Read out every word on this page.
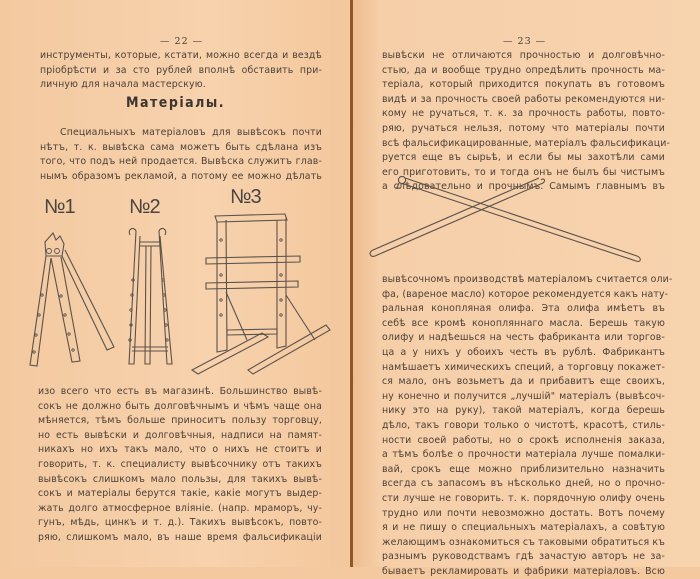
— 22 —
инструменты, которые, кстати, можно всегда и вездѣ
пріобрѣсти и за сто рублей вполнѣ обставить при-
личную для начала мастерскую.
Матеріалы.
Специальныхъ матеріаловъ для вывѣсокъ почти
нѣтъ, т. к. вывѣска сама можетъ быть сдѣлана изъ
того, что подъ ней продается. Вывѣска служитъ глав-
нымъ образомъ рекламой, а потому ее можно дѣлать
№1	№2	№3
изо всего что есть въ магазинѣ. Большинство вывѣ-
сокъ не должно быть долговѣчнымъ и чѣмъ чаще она
мѣняется, тѣмъ больше приноситъ пользу торговцу,
но есть вывѣски и долговѣчныя, надписи на памят-
никахъ но ихъ такъ мало, что о нихъ не стоитъ и
говорить, т. к. специалисту вывѣсочнику отъ такихъ
вывѣсокъ слишкомъ мало пользы, для такихъ вывѣ-
сокъ и матеріалы берутся такіе, какіе могутъ выдер-
жать долго атмосферное вліяніе. (напр. мраморъ, чу-
гунъ, мѣдь, цинкъ и т. д.). Такихъ вывѣсокъ, повто-
ряю, слишкомъ мало, въ наше время фальсификаціи
— 23 —
вывѣски не отличаются прочностью и долговѣчно-
стью, да и вообще трудно опредѣлить прочность ма-
теріала, который приходится покупать въ готовомъ
видѣ и за прочность своей работы рекомендуются ни-
кому не ручаться, т. к. за прочность работы, повто-
ряю, ручаться нельзя, потому что матеріалы почти
всѣ фальсификацированные, матеріалъ фальсификаци-
руется еще въ сырьѣ, и если бы мы захотѣли сами
его приготовить, то и тогда онъ не былъ бы чистымъ
а слѣдовательно и прочнымъ. Самымъ главнымъ въ
вывѣсочномъ производствѣ матеріаломъ считается оли-
фа, (вареное масло) которое рекомендуется какъ нату-
ральная конопляная олифа. Эта олифа имѣетъ въ
себѣ все кромѣ конопляннаго масла. Берешь такую
олифу и надѣешься на честь фабриканта или торгов-
ца а у нихъ у обоихъ честь въ рублѣ. Фабрикантъ
намѣшаетъ химическихъ специй, а торговцу покажет-
ся мало, онъ возьметъ да и прибавитъ еще своихъ,
ну конечно и получится „лучшій" матеріалъ (вывѣсоч-
нику это на руку), такой матеріалъ, когда берешь
дѣло, такъ говори только о чистотѣ, красотѣ, стиль-
ности своей работы, но о срокѣ исполненія заказа,
а тѣмъ болѣе о прочности матеріала лучше помалки-
вай, срокъ еще можно приблизительно назначить
всегда съ запасомъ въ нѣсколько дней, но о прочно-
сти лучше не говорить. т. к. порядочную олифу очень
трудно или почти невозможно достать. Вотъ почему
я и не пишу о специальныхъ матеріалахъ, а совѣтую
желающимъ ознакомиться съ таковыми обратиться къ
разнымъ руководствамъ гдѣ зачастую авторъ не за-
бываетъ рекламировать и фабрики матеріаловъ. Всю
